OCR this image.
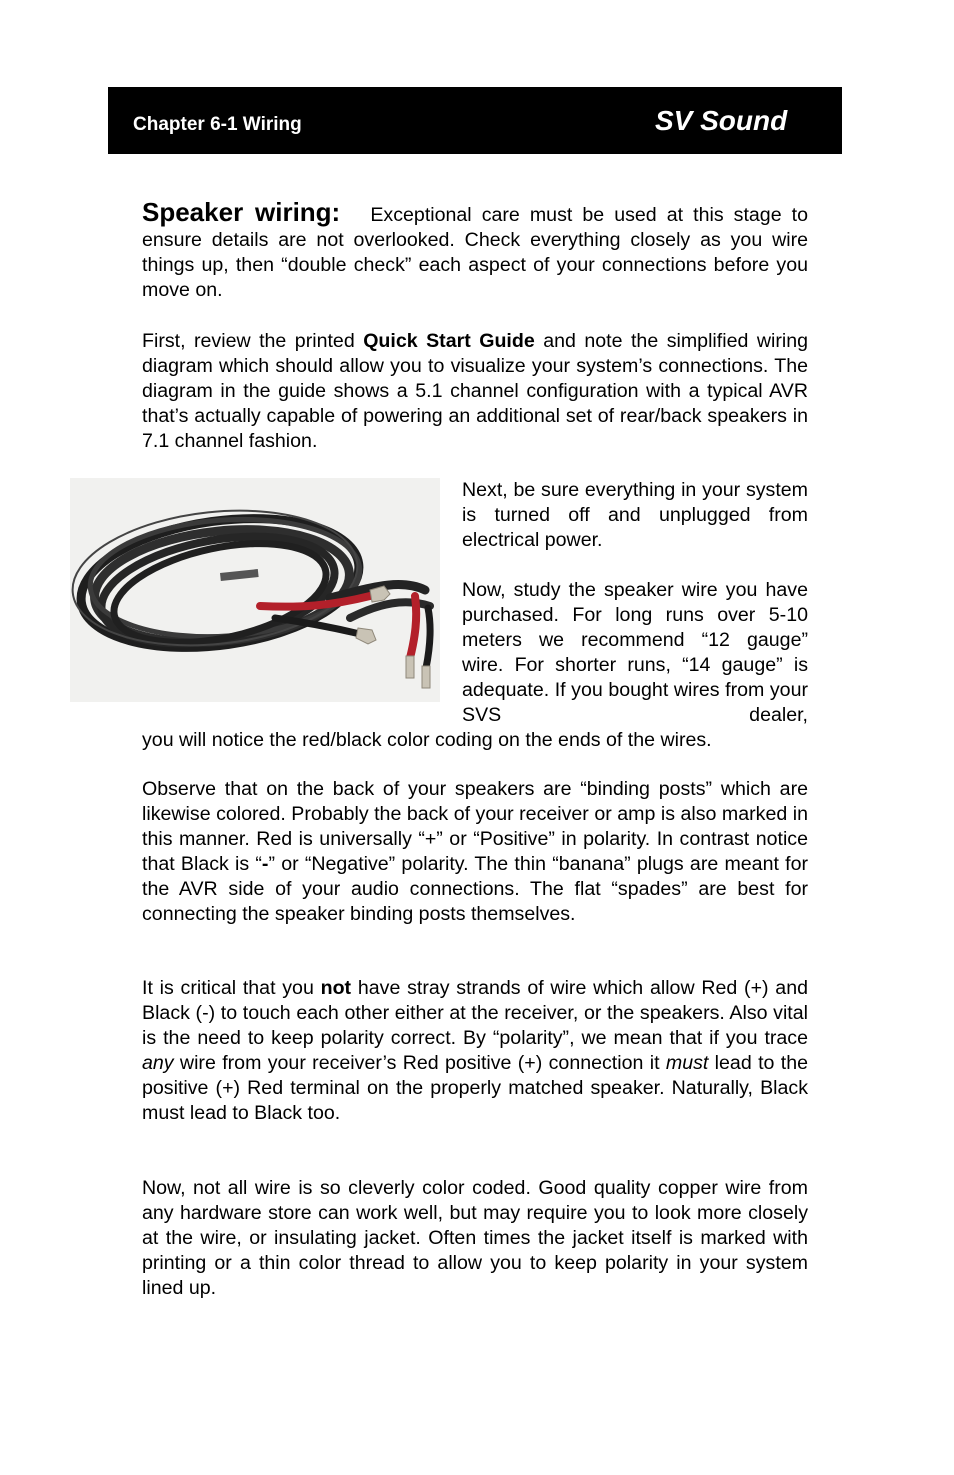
Chapter 6-1 Wiring	SV Sound

Speaker wiring: Exceptional care must be used at this stage to ensure details are not overlooked. Check everything closely as you wire things up, then “double check” each aspect of your connections before you move on.

First, review the printed Quick Start Guide and note the simplified wiring diagram which should allow you to visualize your system’s connections. The diagram in the guide shows a 5.1 channel configuration with a typical AVR that’s actually capable of powering an additional set of rear/back speakers in 7.1 channel fashion.

Next, be sure everything in your system is turned off and unplugged from electrical power.

Now, study the speaker wire you have purchased. For long runs over 5-10 meters we recommend “12 gauge” wire. For shorter runs, “14 gauge” is adequate. If you bought wires from your SVS dealer,

you will notice the red/black color coding on the ends of the wires.

Observe that on the back of your speakers are “binding posts” which are likewise colored. Probably the back of your receiver or amp is also marked in this manner. Red is universally “+” or “Positive” in polarity. In contrast notice that Black is “-” or “Negative” polarity. The thin “banana” plugs are meant for the AVR side of your audio connections. The flat “spades” are best for connecting the speaker binding posts themselves.

It is critical that you not have stray strands of wire which allow Red (+) and Black (-) to touch each other either at the receiver, or the speakers. Also vital is the need to keep polarity correct. By “polarity”, we mean that if you trace any wire from your receiver’s Red positive (+) connection it must lead to the positive (+) Red terminal on the properly matched speaker. Naturally, Black must lead to Black too.

Now, not all wire is so cleverly color coded. Good quality copper wire from any hardware store can work well, but may require you to look more closely at the wire, or insulating jacket. Often times the jacket itself is marked with printing or a thin color thread to allow you to keep polarity in your system lined up.
